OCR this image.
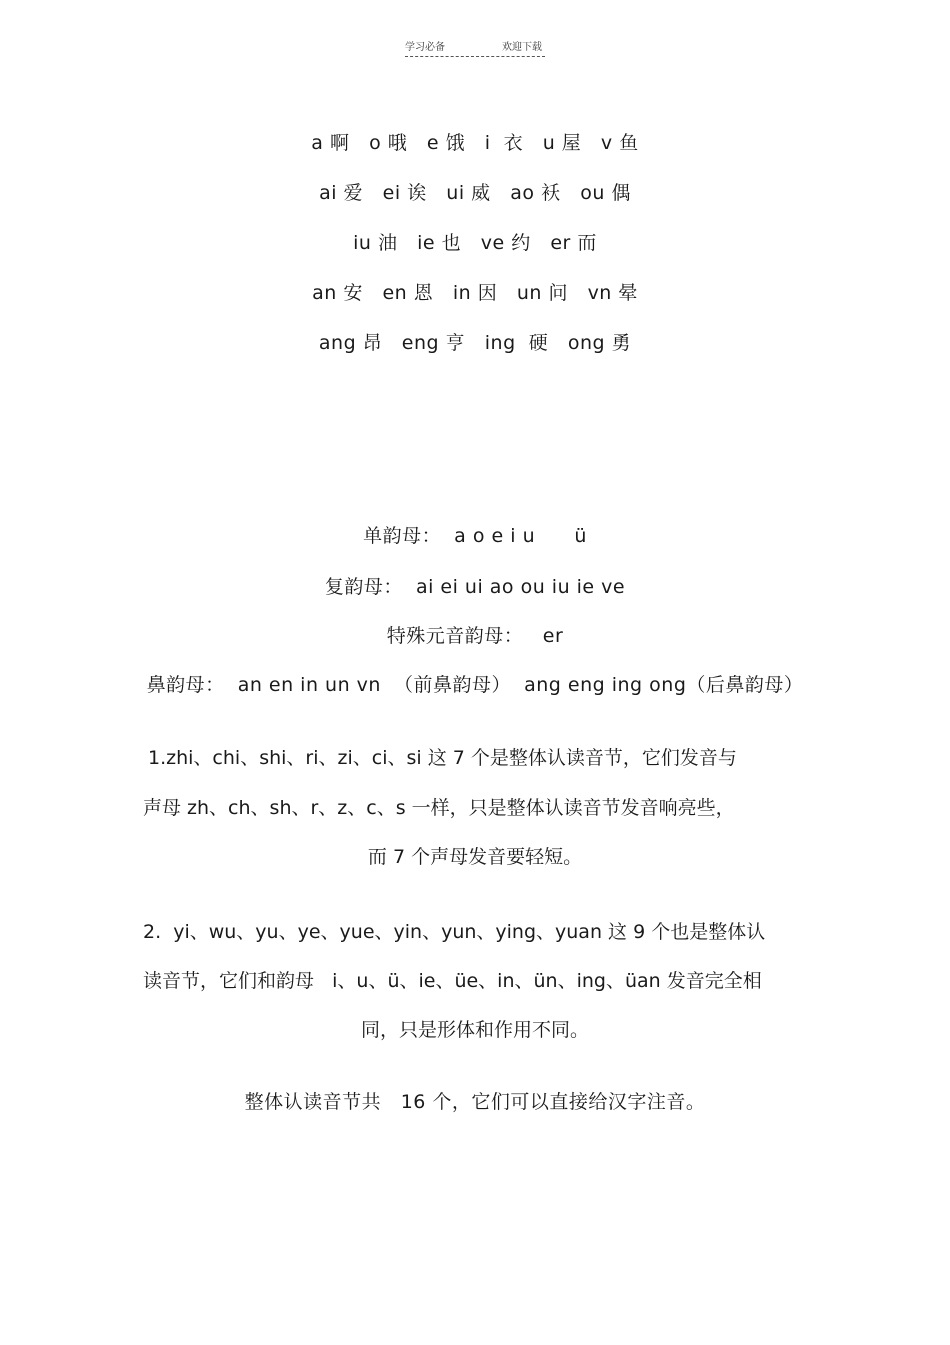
学习必备	欢迎下载
a 啊   o 哦   e 饿   i  衣   u 屋   v 鱼
ai 爱   ei 诶   ui 威   ao 袄   ou 偶
iu 油   ie 也   ve 约   er 而
an 安   en 恩   in 因   un 问   vn 晕
ang 昂   eng 亨   ing  硬   ong 勇
单韵母：  a o e i u      ü
复韵母：  ai ei ui ao ou iu ie ve
特殊元音韵母：   er
鼻韵母：  an en in un vn  （前鼻韵母）  ang eng ing ong（后鼻韵母）

1.zhi、chi、shi、ri、zi、ci、si 这 7 个是整体认读音节，它们发音与

声母 zh、ch、sh、r、z、c、s 一样，只是整体认读音节发音响亮些，

而 7 个声母发音要轻短。

2.  yi、wu、yu、ye、yue、yin、yun、ying、yuan 这 9 个也是整体认

读音节，它们和韵母   i、u、ü、ie、üe、in、ün、ing、üan 发音完全相

同，只是形体和作用不同。

整体认读音节共   16 个，它们可以直接给汉字注音。
